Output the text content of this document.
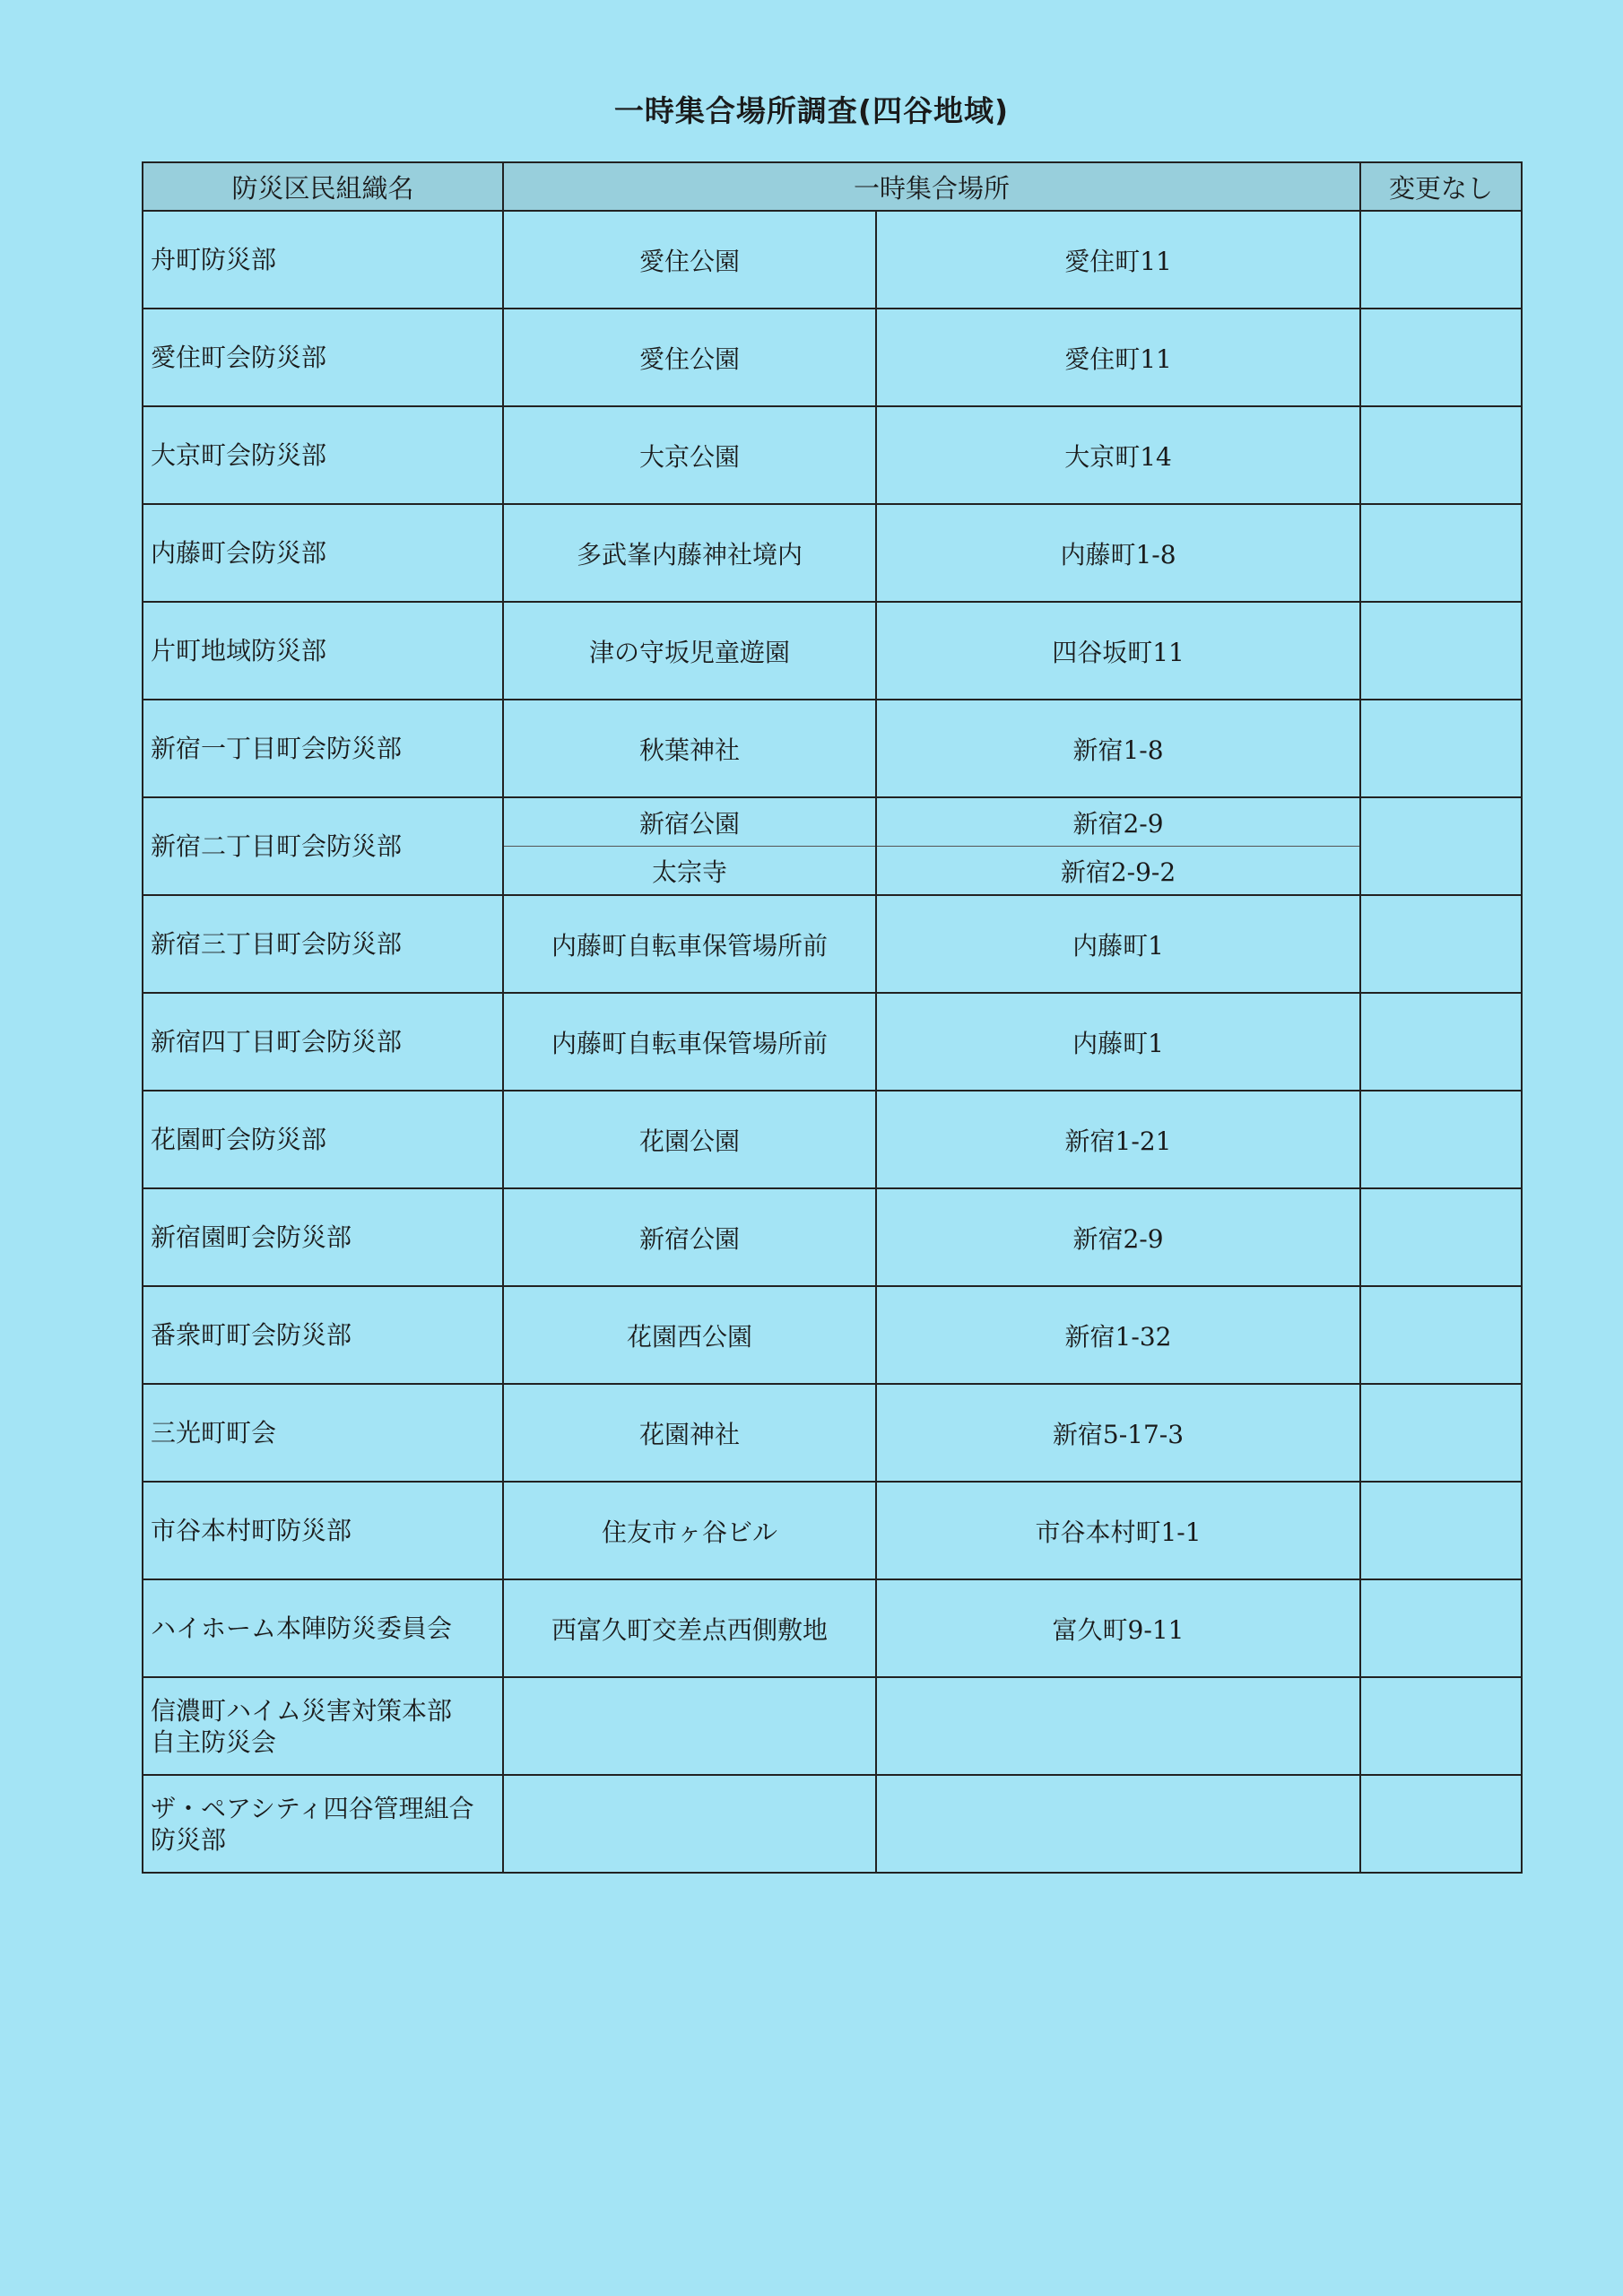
一時集合場所調査(四谷地域)
防災区民組織名	一時集合場所		変更なし
舟町防災部	愛住公園	愛住町11	
愛住町会防災部	愛住公園	愛住町11	
大京町会防災部	大京公園	大京町14	
内藤町会防災部	多武峯内藤神社境内	内藤町1-8	
片町地域防災部	津の守坂児童遊園	四谷坂町11	
新宿一丁目町会防災部	秋葉神社	新宿1-8	
新宿二丁目町会防災部	新宿公園	新宿2-9	
	太宗寺	新宿2-9-2	
新宿三丁目町会防災部	内藤町自転車保管場所前	内藤町1	
新宿四丁目町会防災部	内藤町自転車保管場所前	内藤町1	
花園町会防災部	花園公園	新宿1-21	
新宿園町会防災部	新宿公園	新宿2-9	
番衆町町会防災部	花園西公園	新宿1-32	
三光町町会	花園神社	新宿5-17-3	
市谷本村町防災部	住友市ヶ谷ビル	市谷本村町1-1	
ハイホーム本陣防災委員会	西富久町交差点西側敷地	富久町9-11	
信濃町ハイム災害対策本部
自主防災会			
ザ・ペアシティ四谷管理組合
防災部			
